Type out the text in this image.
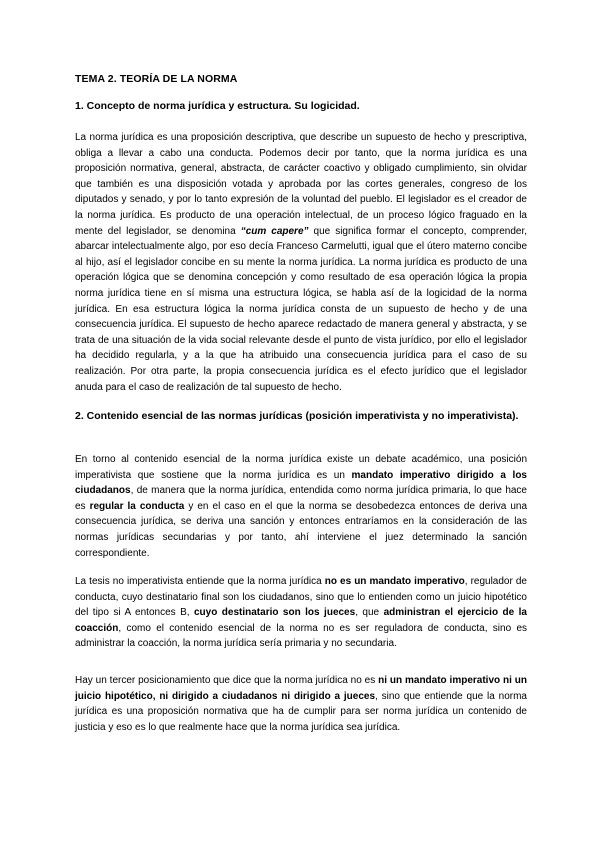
TEMA 2. TEORÍA DE LA NORMA
1. Concepto de norma jurídica y estructura. Su logicidad.
La norma jurídica es una proposición descriptiva, que describe un supuesto de hecho y prescriptiva, obliga a llevar a cabo una conducta. Podemos decir por tanto, que la norma jurídica es una proposición normativa, general, abstracta, de carácter coactivo y obligado cumplimiento, sin olvidar que también es una disposición votada y aprobada por las cortes generales, congreso de los diputados y senado, y por lo tanto expresión de la voluntad del pueblo. El legislador es el creador de la norma jurídica. Es producto de una operación intelectual, de un proceso lógico fraguado en la mente del legislador, se denomina “cum capere” que significa formar el concepto, comprender, abarcar intelectualmente algo, por eso decía Franceso Carmelutti, igual que el útero materno concibe al hijo, así el legislador concibe en su mente la norma jurídica. La norma jurídica es producto de una operación lógica que se denomina concepción y como resultado de esa operación lógica la propia norma jurídica tiene en sí misma una estructura lógica, se habla así de la logicidad de la norma jurídica. En esa estructura lógica la norma jurídica consta de un supuesto de hecho y de una consecuencia jurídica. El supuesto de hecho aparece redactado de manera general y abstracta, y se trata de una situación de la vida social relevante desde el punto de vista jurídico, por ello el legislador ha decidido regularla, y a la que ha atribuido una consecuencia jurídica para el caso de su realización. Por otra parte, la propia consecuencia jurídica es el efecto jurídico que el legislador anuda para el caso de realización de tal supuesto de hecho.
2. Contenido esencial de las normas jurídicas (posición imperativista y no imperativista).
En torno al contenido esencial de la norma jurídica existe un debate académico, una posición imperativista que sostiene que la norma jurídica es un mandato imperativo dirigido a los ciudadanos, de manera que la norma jurídica, entendida como norma jurídica primaria, lo que hace es regular la conducta y en el caso en el que la norma se desobedezca entonces de deriva una consecuencia jurídica, se deriva una sanción y entonces entraríamos en la consideración de las normas jurídicas secundarias y por tanto, ahí interviene el juez determinado la sanción correspondiente.
La tesis no imperativista entiende que la norma jurídica no es un mandato imperativo, regulador de conducta, cuyo destinatario final son los ciudadanos, sino que lo entienden como un juicio hipotético del tipo si A entonces B, cuyo destinatario son los jueces, que administran el ejercicio de la coacción, como el contenido esencial de la norma no es ser reguladora de conducta, sino es administrar la coacción, la norma jurídica sería primaria y no secundaria.
Hay un tercer posicionamiento que dice que la norma jurídica no es ni un mandato imperativo ni un juicio hipotético, ni dirigido a ciudadanos ni dirigido a jueces, sino que entiende que la norma jurídica es una proposición normativa que ha de cumplir para ser norma jurídica un contenido de justicia y eso es lo que realmente hace que la norma jurídica sea jurídica.
